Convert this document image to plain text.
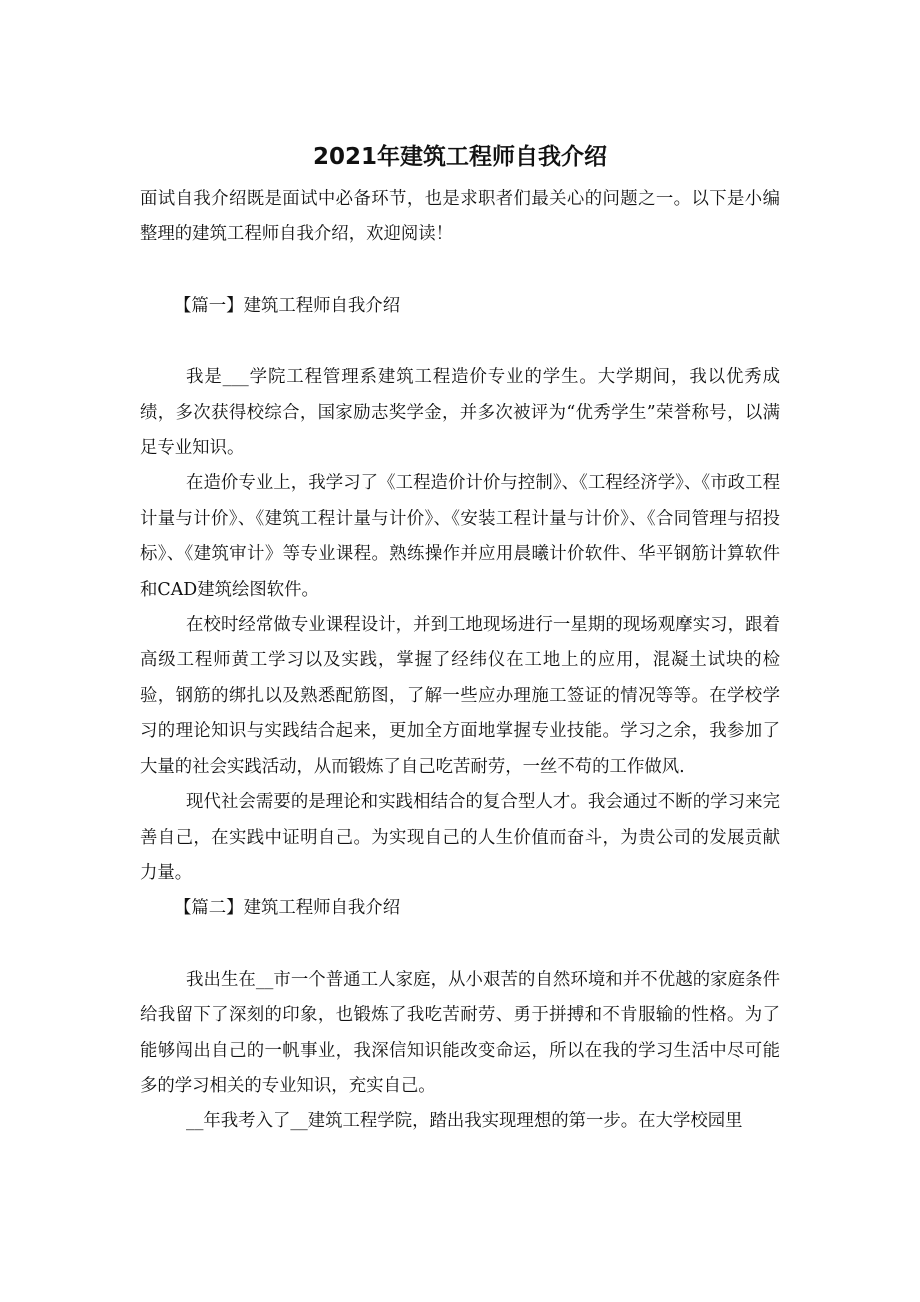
2021年建筑工程师自我介绍

面试自我介绍既是面试中必备环节，也是求职者们最关心的问题之一。以下是小编整理的建筑工程师自我介绍，欢迎阅读！

【篇一】建筑工程师自我介绍

我是___学院工程管理系建筑工程造价专业的学生。大学期间，我以优秀成绩，多次获得校综合，国家励志奖学金，并多次被评为“优秀学生”荣誉称号，以满足专业知识。

在造价专业上，我学习了《工程造价计价与控制》、《工程经济学》、《市政工程计量与计价》、《建筑工程计量与计价》、《安装工程计量与计价》、《合同管理与招投标》、《建筑审计》等专业课程。熟练操作并应用晨曦计价软件、华平钢筋计算软件和CAD建筑绘图软件。

在校时经常做专业课程设计，并到工地现场进行一星期的现场观摩实习，跟着高级工程师黄工学习以及实践，掌握了经纬仪在工地上的应用，混凝土试块的检验，钢筋的绑扎以及熟悉配筋图，了解一些应办理施工签证的情况等等。在学校学习的理论知识与实践结合起来，更加全方面地掌握专业技能。学习之余，我参加了大量的社会实践活动，从而锻炼了自己吃苦耐劳，一丝不苟的工作做风.

现代社会需要的是理论和实践相结合的复合型人才。我会通过不断的学习来完善自己，在实践中证明自己。为实现自己的人生价值而奋斗，为贵公司的发展贡献力量。

【篇二】建筑工程师自我介绍

我出生在__市一个普通工人家庭，从小艰苦的自然环境和并不优越的家庭条件给我留下了深刻的印象，也锻炼了我吃苦耐劳、勇于拼搏和不肯服输的性格。为了能够闯出自己的一帆事业，我深信知识能改变命运，所以在我的学习生活中尽可能多的学习相关的专业知识，充实自己。

__年我考入了__建筑工程学院，踏出我实现理想的第一步。在大学校园里
